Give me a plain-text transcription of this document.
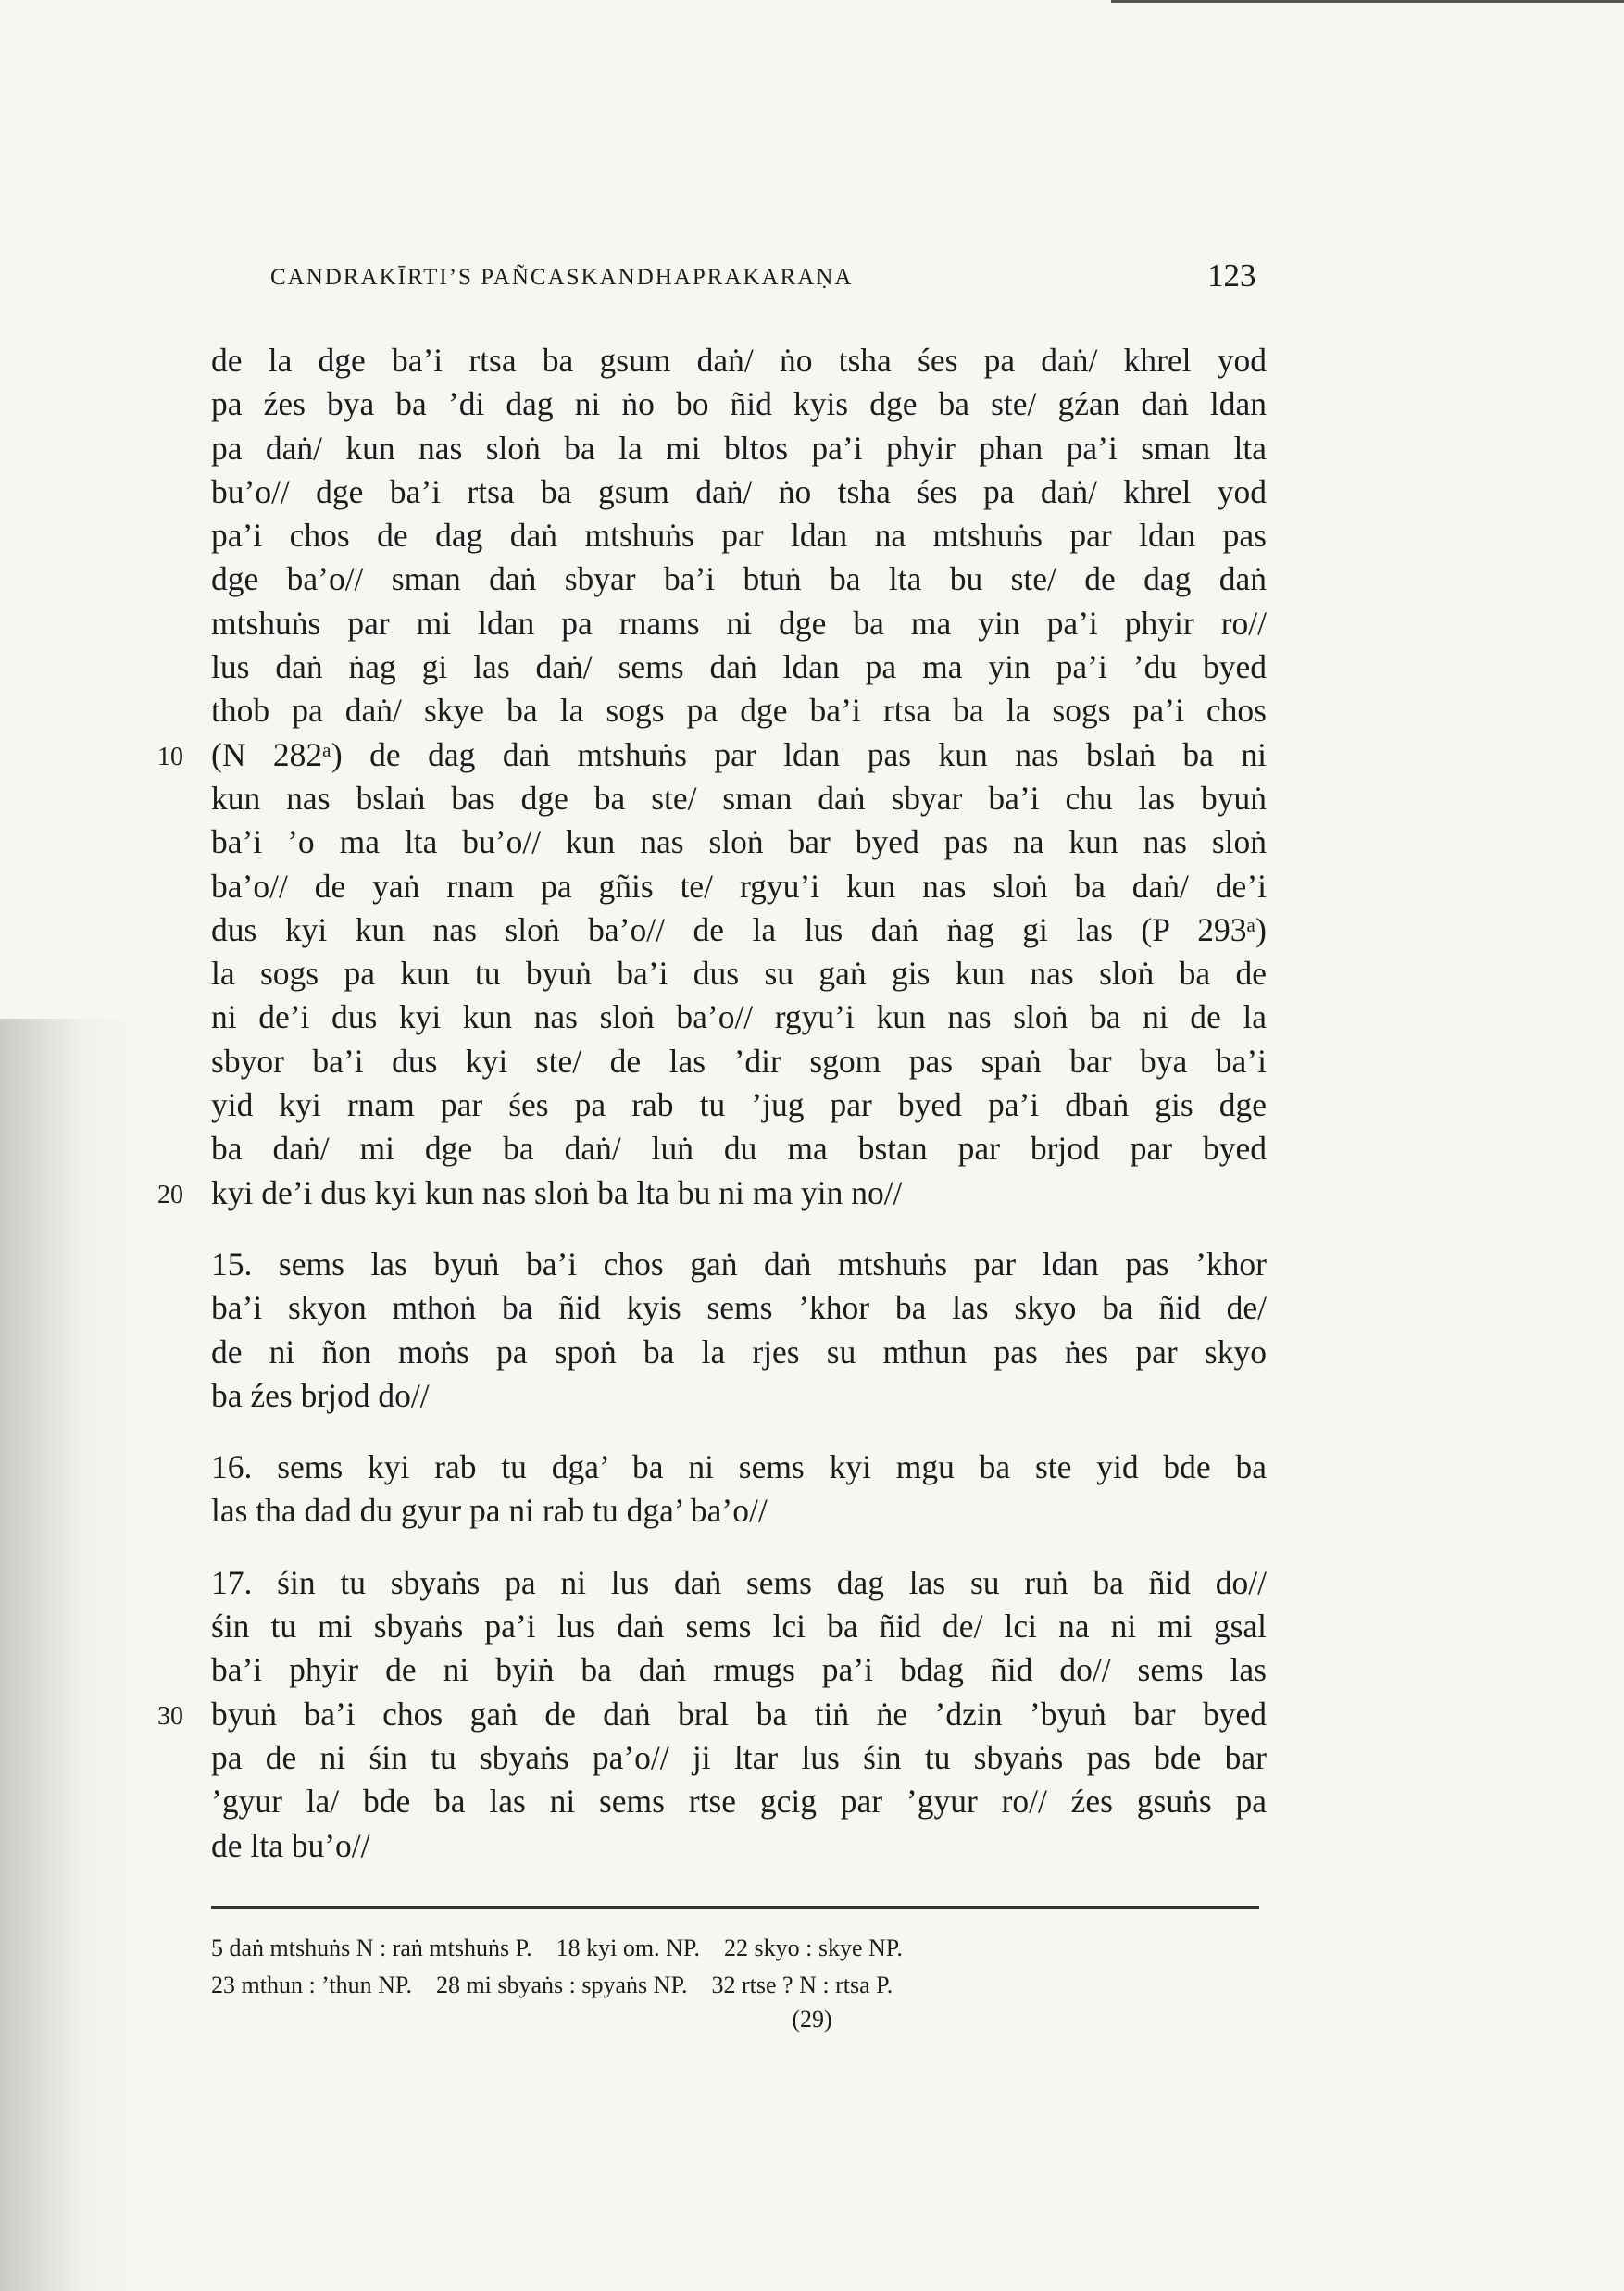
CANDRAKĪRTI’S PAÑCASKANDHAPRAKARAṆA	123
de la dge ba’i rtsa ba gsum daṅ/ ṅo tsha śes pa daṅ/ khrel yod
pa źes bya ba ’di dag ni ṅo bo ñid kyis dge ba ste/ gźan daṅ ldan
pa daṅ/ kun nas sloṅ ba la mi bltos pa’i phyir phan pa’i sman lta
bu’o// dge ba’i rtsa ba gsum daṅ/ ṅo tsha śes pa daṅ/ khrel yod
pa’i chos de dag daṅ mtshuṅs par ldan na mtshuṅs par ldan pas
dge ba’o// sman daṅ sbyar ba’i btuṅ ba lta bu ste/ de dag daṅ
mtshuṅs par mi ldan pa rnams ni dge ba ma yin pa’i phyir ro//
lus daṅ ṅag gi las daṅ/ sems daṅ ldan pa ma yin pa’i ’du byed
thob pa daṅ/ skye ba la sogs pa dge ba’i rtsa ba la sogs pa’i chos
10 (N 282ᵃ) de dag daṅ mtshuṅs par ldan pas kun nas bslaṅ ba ni
kun nas bslaṅ bas dge ba ste/ sman daṅ sbyar ba’i chu las byuṅ
ba’i ’o ma lta bu’o// kun nas sloṅ bar byed pas na kun nas sloṅ
ba’o// de yaṅ rnam pa gñis te/ rgyu’i kun nas sloṅ ba daṅ/ de’i
dus kyi kun nas sloṅ ba’o// de la lus daṅ ṅag gi las (P 293ᵃ)
la sogs pa kun tu byuṅ ba’i dus su gaṅ gis kun nas sloṅ ba de
ni de’i dus kyi kun nas sloṅ ba’o// rgyu’i kun nas sloṅ ba ni de la
sbyor ba’i dus kyi ste/ de las ’dir sgom pas spaṅ bar bya ba’i
yid kyi rnam par śes pa rab tu ’jug par byed pa’i dbaṅ gis dge
ba daṅ/ mi dge ba daṅ/ luṅ du ma bstan par brjod par byed
20 kyi de’i dus kyi kun nas sloṅ ba lta bu ni ma yin no//
15. sems las byuṅ ba’i chos gaṅ daṅ mtshuṅs par ldan pas ’khor
ba’i skyon mthoṅ ba ñid kyis sems ’khor ba las skyo ba ñid de/
de ni ñon moṅs pa spoṅ ba la rjes su mthun pas ṅes par skyo
ba źes brjod do//
16. sems kyi rab tu dga’ ba ni sems kyi mgu ba ste yid bde ba
las tha dad du gyur pa ni rab tu dga’ ba’o//
17. śin tu sbyaṅs pa ni lus daṅ sems dag las su ruṅ ba ñid do//
śin tu mi sbyaṅs pa’i lus daṅ sems lci ba ñid de/ lci na ni mi gsal
ba’i phyir de ni byiṅ ba daṅ rmugs pa’i bdag ñid do// sems las
30 byuṅ ba’i chos gaṅ de daṅ bral ba tiṅ ṅe ’dzin ’byuṅ bar byed
pa de ni śin tu sbyaṅs pa’o// ji ltar lus śin tu sbyaṅs pas bde bar
’gyur la/ bde ba las ni sems rtse gcig par ’gyur ro// źes gsuṅs pa
de lta bu’o//
5 daṅ mtshuṅs N : raṅ mtshuṅs P.    18 kyi om. NP.    22 skyo : skye NP.
23 mthun : ’thun NP.    28 mi sbyaṅs : spyaṅs NP.    32 rtse ? N : rtsa P.
(29)
